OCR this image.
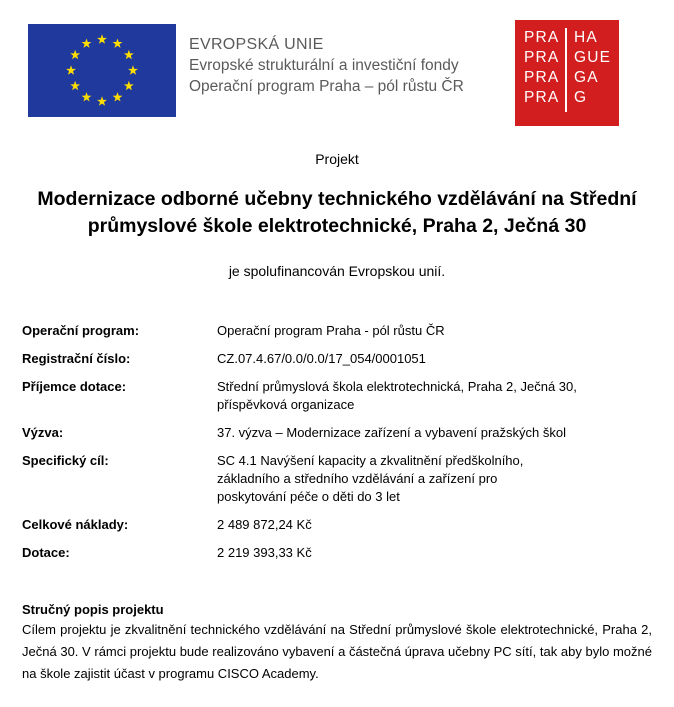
EVROPSKÁ UNIE
Evropské strukturální a investiční fondy
Operační program Praha – pól růstu ČR
PRA HA
PRA GUE
PRA GA
PRA G
Projekt
Modernizace odborné učebny technického vzdělávání na Střední průmyslové škole elektrotechnické, Praha 2, Ječná 30
je spolufinancován Evropskou unií.
Operační program:	Operační program Praha - pól růstu ČR
Registrační číslo:	CZ.07.4.67/0.0/0.0/17_054/0001051
Příjemce dotace:	Střední průmyslová škola elektrotechnická, Praha 2, Ječná 30, příspěvková organizace
Výzva:	37. výzva – Modernizace zařízení a vybavení pražských škol
Specifický cíl:	SC 4.1 Navýšení kapacity a zkvalitnění předškolního, základního a středního vzdělávání a zařízení pro poskytování péče o děti do 3 let
Celkové náklady:	2 489 872,24 Kč
Dotace:	2 219 393,33 Kč
Stručný popis projektu
Cílem projektu je zkvalitnění technického vzdělávání na Střední průmyslové škole elektrotechnické, Praha 2, Ječná 30. V rámci projektu bude realizováno vybavení a částečná úprava učebny PC sítí, tak aby bylo možné na škole zajistit účast v programu CISCO Academy.
